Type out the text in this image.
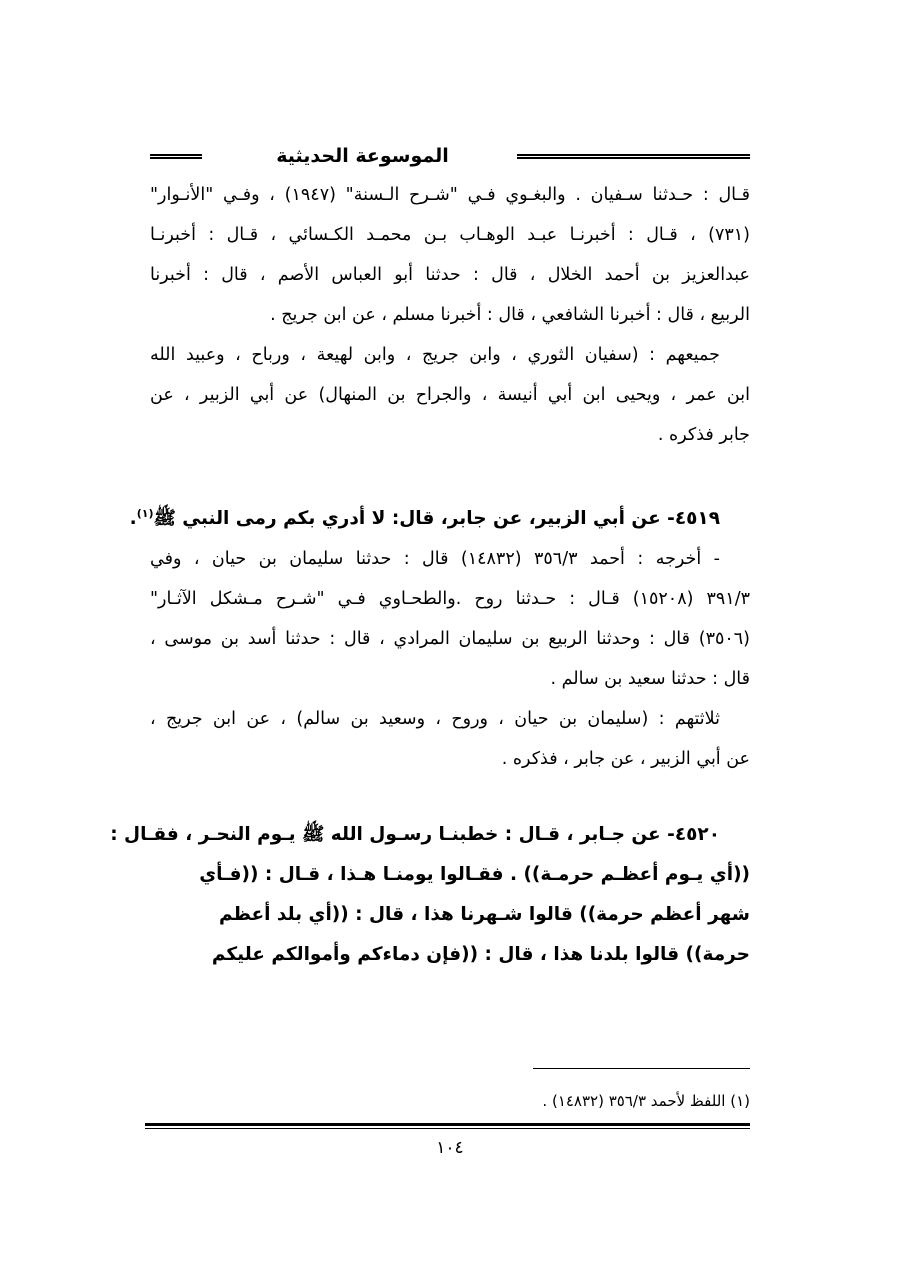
الموسوعة الحديثية
قـال : حـدثنا سـفيان . والبغـوي فـي "شـرح الـسنة" (١٩٤٧) ، وفـي "الأنـوار"
(٧٣١) ، قـال : أخبرنـا عبـد الوهـاب بـن محمـد الكـسائي ، قـال : أخبرنـا
عبدالعزيز بن أحمد الخلال ، قال : حدثنا أبو العباس الأصم ، قال : أخبرنا
الربيع ، قال : أخبرنا الشافعي ، قال : أخبرنا مسلم ، عن ابن جريج .
جميعهم : (سفيان الثوري ، وابن جريج ، وابن لهيعة ، ورباح ، وعبيد الله
ابن عمر ، ويحيى ابن أبي أنيسة ، والجراح بن المنهال) عن أبي الزبير ، عن
جابر فذكره .
٤٥١٩- عن أبي الزبير، عن جابر، قال: لا أدري بكم رمى النبي ﷺ$^{(١)}$.
- أخرجه : أحمد ٣٥٦/٣ (١٤٨٣٢) قال : حدثنا سليمان بن حيان ، وفي
٣٩١/٣ (١٥٢٠٨) قـال : حـدثنا روح .والطحـاوي فـي "شـرح مـشكل الآثـار"
(٣٥٠٦) قال : وحدثنا الربيع بن سليمان المرادي ، قال : حدثنا أسد بن موسى ،
قال : حدثنا سعيد بن سالم .
ثلاثتهم : (سليمان بن حيان ، وروح ، وسعيد بن سالم) ، عن ابن جريج ،
عن أبي الزبير ، عن جابر ، فذكره .
٤٥٢٠- عن جـابر ، قـال : خطبنـا رسـول الله ﷺ يـوم النحـر ، فقـال :
((أي يـوم أعظـم حرمـة)) . فقـالوا يومنـا هـذا ، قـال : ((فـأي
شهر أعظم حرمة)) قالوا شـهرنا هذا ، قال : ((أي بلد أعظم
حرمة)) قالوا بلدنا هذا ، قال : ((فإن دماءكم وأموالكم عليكم
(١) اللفظ لأحمد ٣٥٦/٣ (١٤٨٣٢) .
١٠٤
